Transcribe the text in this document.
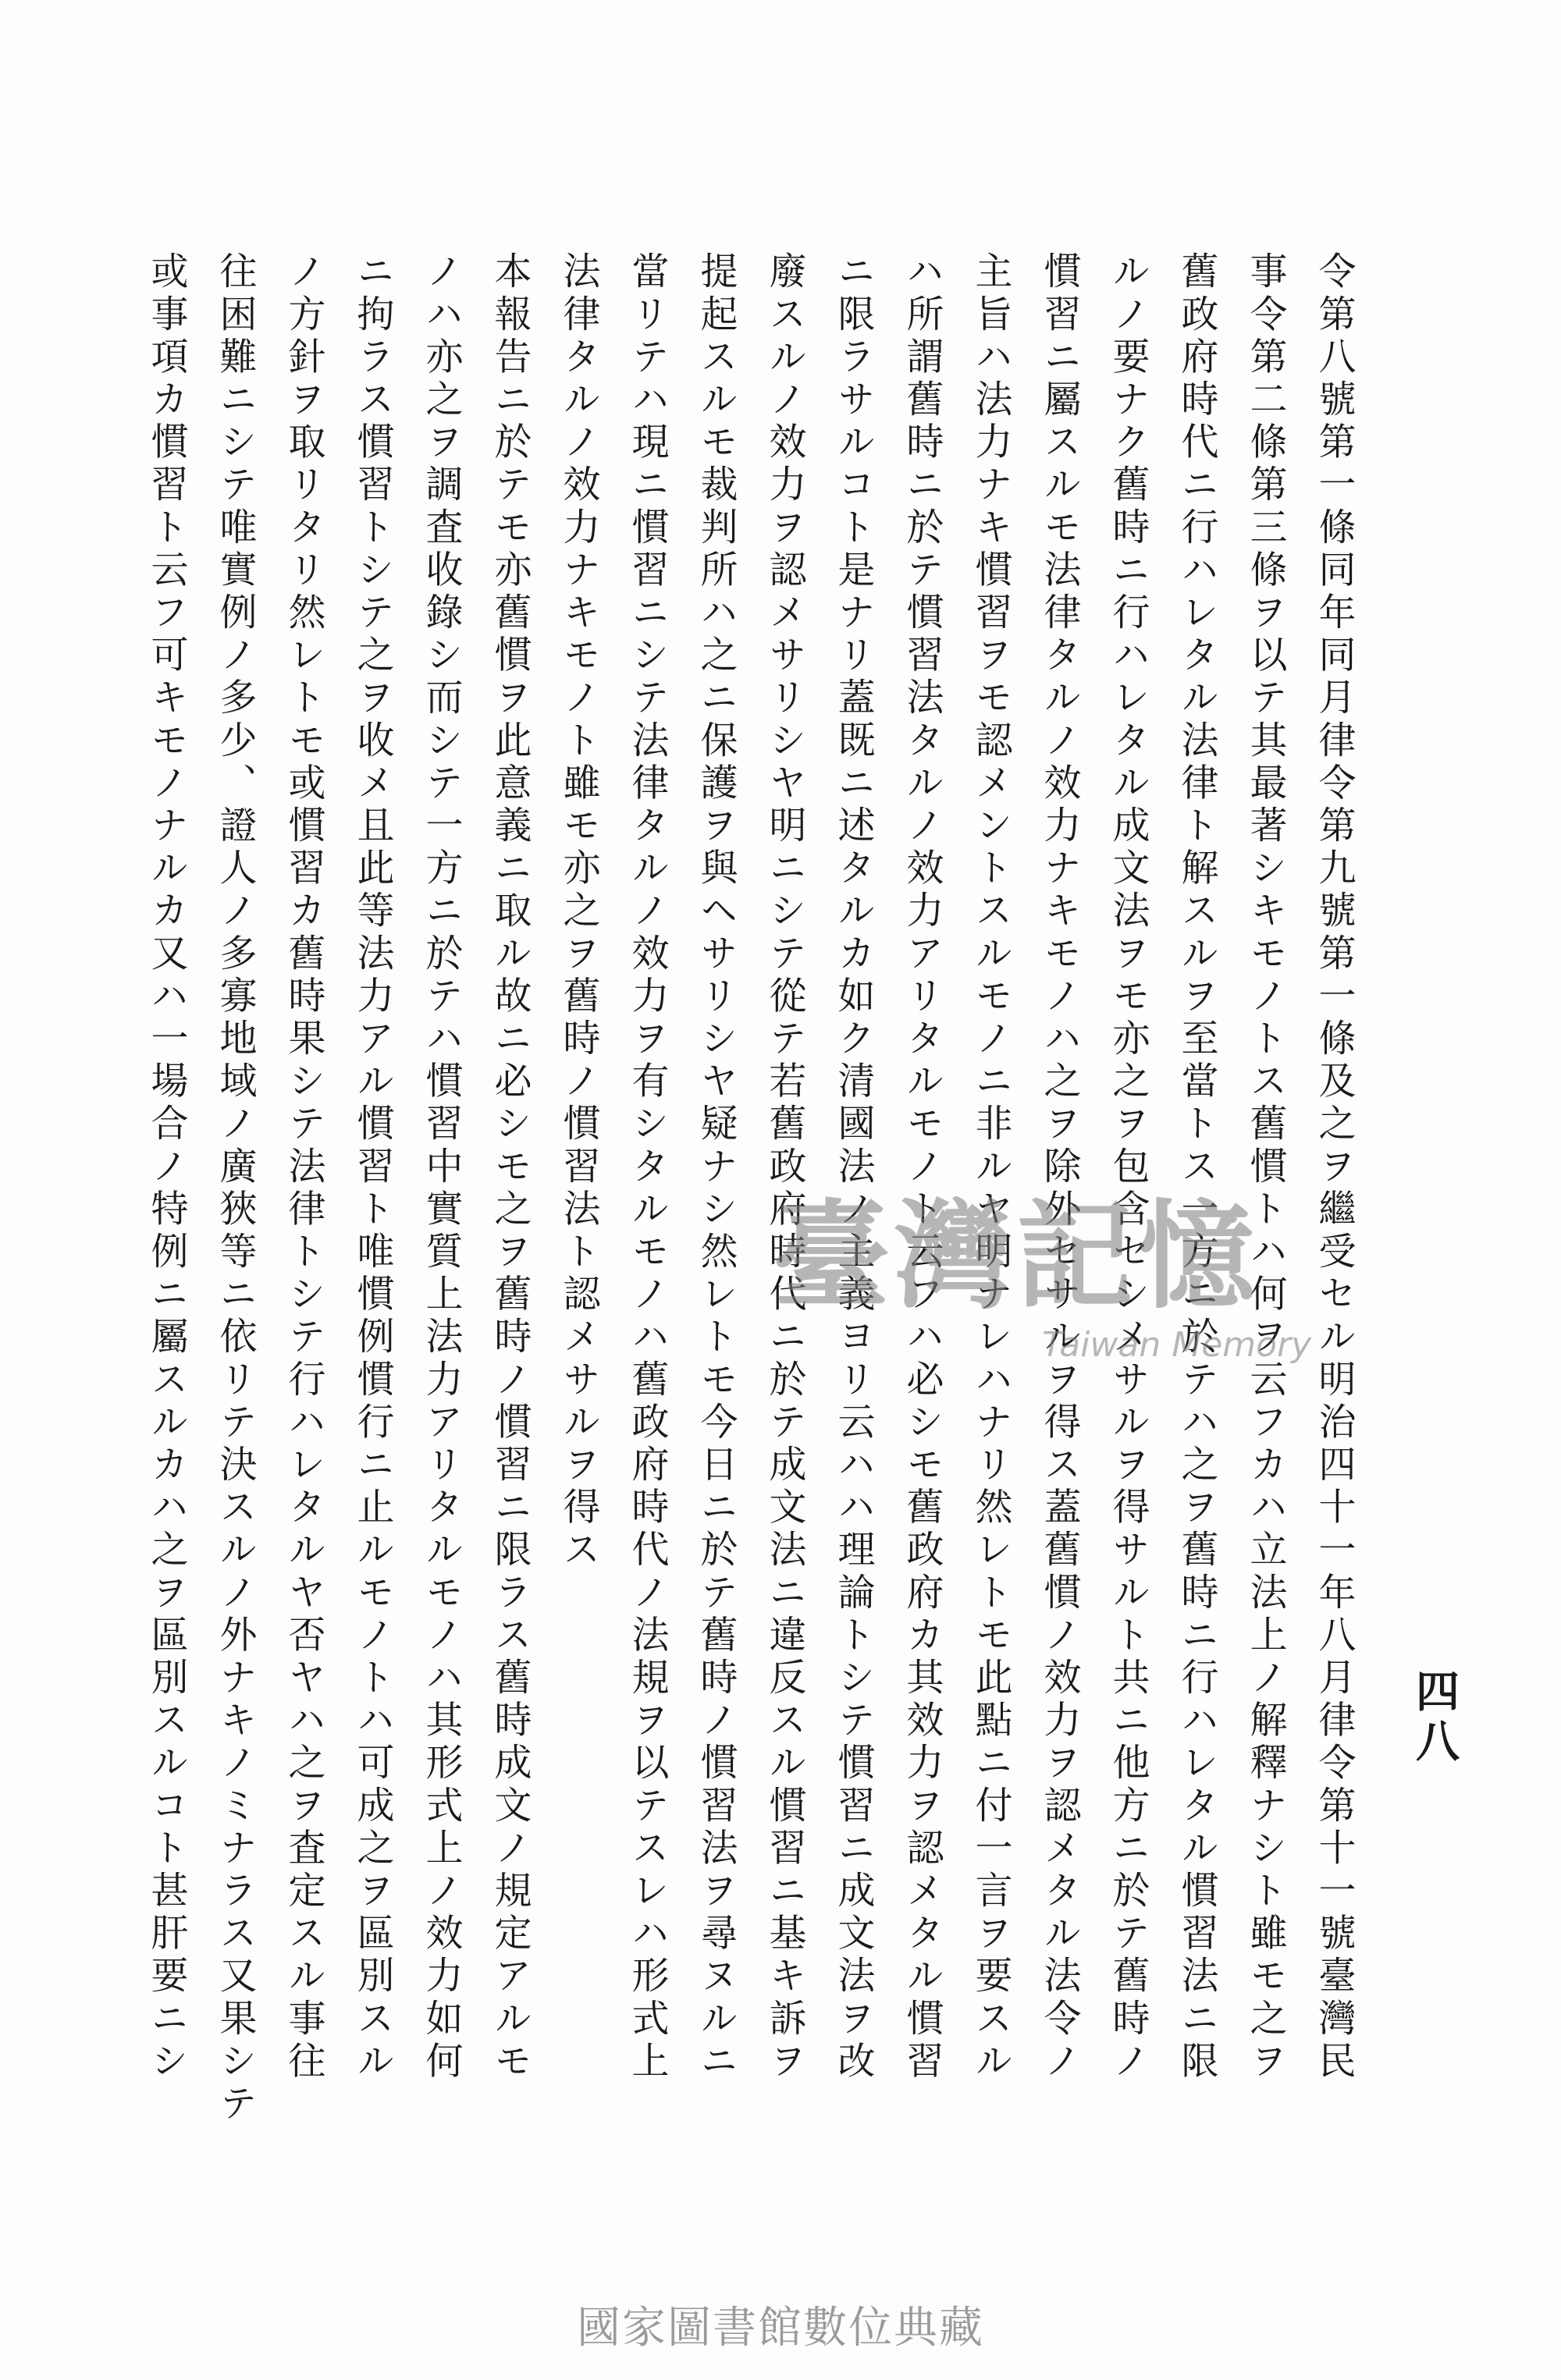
四八
令第八號第一條同年同月律令第九號第一條及之ヲ繼受セル明治四十一年八月律令第十一號臺灣民
事令第二條第三條ヲ以テ其最著シキモノトス舊慣トハ何ヲ云フカハ立法上ノ解釋ナシト雖モ之ヲ
舊政府時代ニ行ハレタル法律ト解スルヲ至當トス一方ニ於テハ之ヲ舊時ニ行ハレタル慣習法ニ限
ルノ要ナク舊時ニ行ハレタル成文法ヲモ亦之ヲ包含セシメサルヲ得サルト共ニ他方ニ於テ舊時ノ
慣習ニ屬スルモ法律タルノ效力ナキモノハ之ヲ除外セサルヲ得ス蓋舊慣ノ效力ヲ認メタル法令ノ
主旨ハ法力ナキ慣習ヲモ認メントスルモノニ非ルヤ明ナレハナリ然レトモ此點ニ付一言ヲ要スル
ハ所謂舊時ニ於テ慣習法タルノ效力アリタルモノト云フハ必シモ舊政府カ其效力ヲ認メタル慣習
ニ限ラサルコト是ナリ蓋既ニ述タルカ如ク清國法ノ主義ヨリ云ハハ理論トシテ慣習ニ成文法ヲ改
廢スルノ效力ヲ認メサリシヤ明ニシテ從テ若舊政府時代ニ於テ成文法ニ違反スル慣習ニ基キ訴ヲ
提起スルモ裁判所ハ之ニ保護ヲ與ヘサリシヤ疑ナシ然レトモ今日ニ於テ舊時ノ慣習法ヲ尋ヌルニ
當リテハ現ニ慣習ニシテ法律タルノ效力ヲ有シタルモノハ舊政府時代ノ法規ヲ以テスレハ形式上
法律タルノ效力ナキモノト雖モ亦之ヲ舊時ノ慣習法ト認メサルヲ得ス
本報告ニ於テモ亦舊慣ヲ此意義ニ取ル故ニ必シモ之ヲ舊時ノ慣習ニ限ラス舊時成文ノ規定アルモ
ノハ亦之ヲ調査收錄シ而シテ一方ニ於テハ慣習中實質上法力アリタルモノハ其形式上ノ效力如何
ニ拘ラス慣習トシテ之ヲ收メ且此等法力アル慣習ト唯慣例慣行ニ止ルモノトハ可成之ヲ區別スル
ノ方針ヲ取リタリ然レトモ或慣習カ舊時果シテ法律トシテ行ハレタルヤ否ヤハ之ヲ査定スル事往
往困難ニシテ唯實例ノ多少、證人ノ多寡地域ノ廣狹等ニ依リテ決スルノ外ナキノミナラス又果シテ
或事項カ慣習ト云フ可キモノナルカ又ハ一場合ノ特例ニ屬スルカハ之ヲ區別スルコト甚肝要ニシ	臺灣記憶
Taiwan Memory
國家圖書館數位典藏
